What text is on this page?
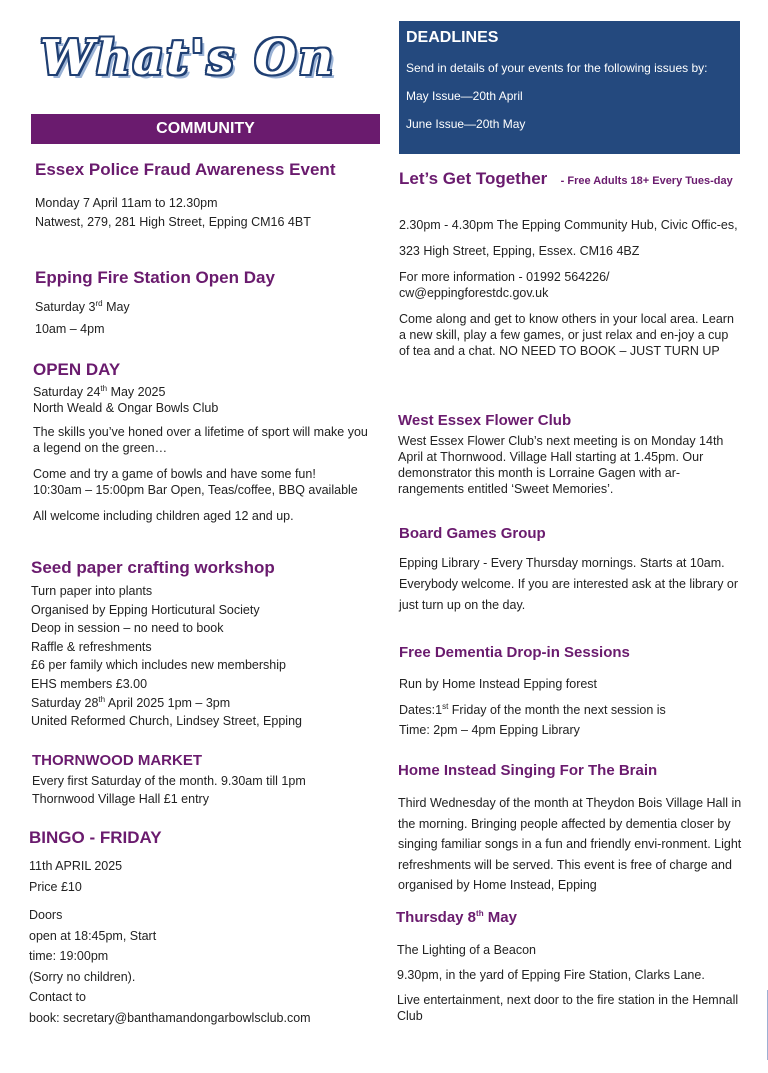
What's On
COMMUNITY
DEADLINES

Send in details of your events for the following issues by:

May Issue—20th April

June Issue—20th May

Essex Police Fraud Awareness Event
Monday 7 April 11am to 12.30pm
Natwest, 279, 281 High Street, Epping CM16 4BT
Epping Fire Station Open Day
Saturday 3rd May
10am – 4pm
OPEN DAY
Saturday 24th May 2025
North Weald & Ongar Bowls Club
The skills you’ve honed over a lifetime of sport will make you a legend on the green…
Come and try a game of bowls and have some fun!
10:30am – 15:00pm Bar Open, Teas/coffee, BBQ available
All welcome including children aged 12 and up.
Seed paper crafting workshop
Turn paper into plants
Organised by Epping Horticutural Society
Deop in session – no need to book
Raffle & refreshments
£6 per family which includes new membership
EHS members £3.00
Saturday 28th April 2025 1pm – 3pm
United Reformed Church, Lindsey Street, Epping
THORNWOOD MARKET
Every first Saturday of the month. 9.30am till 1pm
Thornwood Village Hall £1 entry
BINGO - FRIDAY
11th APRIL 2025
Price £10
Doors
open at 18:45pm, Start
time: 19:00pm
(Sorry no children).
Contact to
book: secretary@banthamandongarbowlsclub.com
Let’s Get Together - Free Adults 18+ Every Tues-day
2.30pm - 4.30pm The Epping Community Hub, Civic Offic-es,
323 High Street, Epping, Essex. CM16 4BZ
For more information - 01992 564226/ cw@eppingforestdc.gov.uk
Come along and get to know others in your local area. Learn a new skill, play a few games, or just relax and en-joy a cup of tea and a chat. NO NEED TO BOOK – JUST TURN UP
West Essex Flower Club
West Essex Flower Club’s next meeting is on Monday 14th April at Thornwood. Village Hall starting at 1.45pm. Our demonstrator this month is Lorraine Gagen with ar-rangements entitled ‘Sweet Memories’.
Board Games Group
Epping Library - Every Thursday mornings. Starts at 10am. Everybody welcome. If you are interested ask at the library or just turn up on the day.
Free Dementia Drop-in Sessions
Run by Home Instead Epping forest
Dates:1st Friday of the month the next session is
Time: 2pm – 4pm Epping Library
Home Instead Singing For The Brain
Third Wednesday of the month at Theydon Bois Village Hall in the morning. Bringing people affected by dementia closer by singing familiar songs in a fun and friendly envi-ronment. Light refreshments will be served. This event is free of charge and organised by Home Instead, Epping
Thursday 8th May
The Lighting of a Beacon
9.30pm, in the yard of Epping Fire Station, Clarks Lane.
Live entertainment, next door to the fire station in the Hemnall Club
